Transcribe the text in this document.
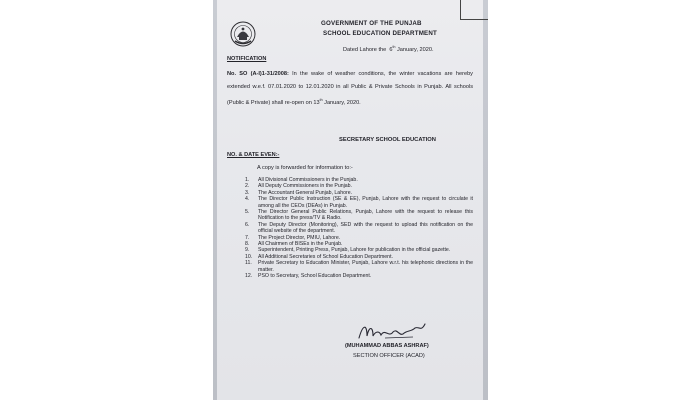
GOVERNMENT OF THE PUNJAB
SCHOOL EDUCATION DEPARTMENT
Dated Lahore the 6th January, 2020.
NOTIFICATION
No. SO (A-I)1-31/2008: In the wake of weather conditions, the winter vacations are hereby extended w.e.f. 07.01.2020 to 12.01.2020 in all Public & Private Schools in Punjab. All schools (Public & Private) shall re-open on 13th January, 2020.
SECRETARY SCHOOL EDUCATION
NO. & DATE EVEN:-
A copy is forwarded for information to:-
1.	All Divisional Commissioners in the Punjab.
2.	All Deputy Commissioners in the Punjab.
3.	The Accountant General Punjab, Lahore.
4.	The Director Public Instruction (SE & EE), Punjab, Lahore with the request to circulate it among all the CEOs (DEAs) in Punjab.
5.	The Director General Public Relations, Punjab, Lahore with the request to release this Notification to the press/TV & Radio.
6.	The Deputy Director (Monitoring), SED with the request to upload this notification on the official website of the department.
7.	The Project Director, PMIU, Lahore.
8.	All Chairmen of BISEs in the Punjab.
9.	Superintendent, Printing Press, Punjab, Lahore for publication in the official gazette.
10.	All Additional Secretaries of School Education Department.
11.	Private Secretary to Education Minister, Punjab, Lahore w.r.t. his telephonic directions in the matter.
12.	PSO to Secretary, School Education Department.
(MUHAMMAD ABBAS ASHRAF)
SECTION OFFICER (ACAD)
